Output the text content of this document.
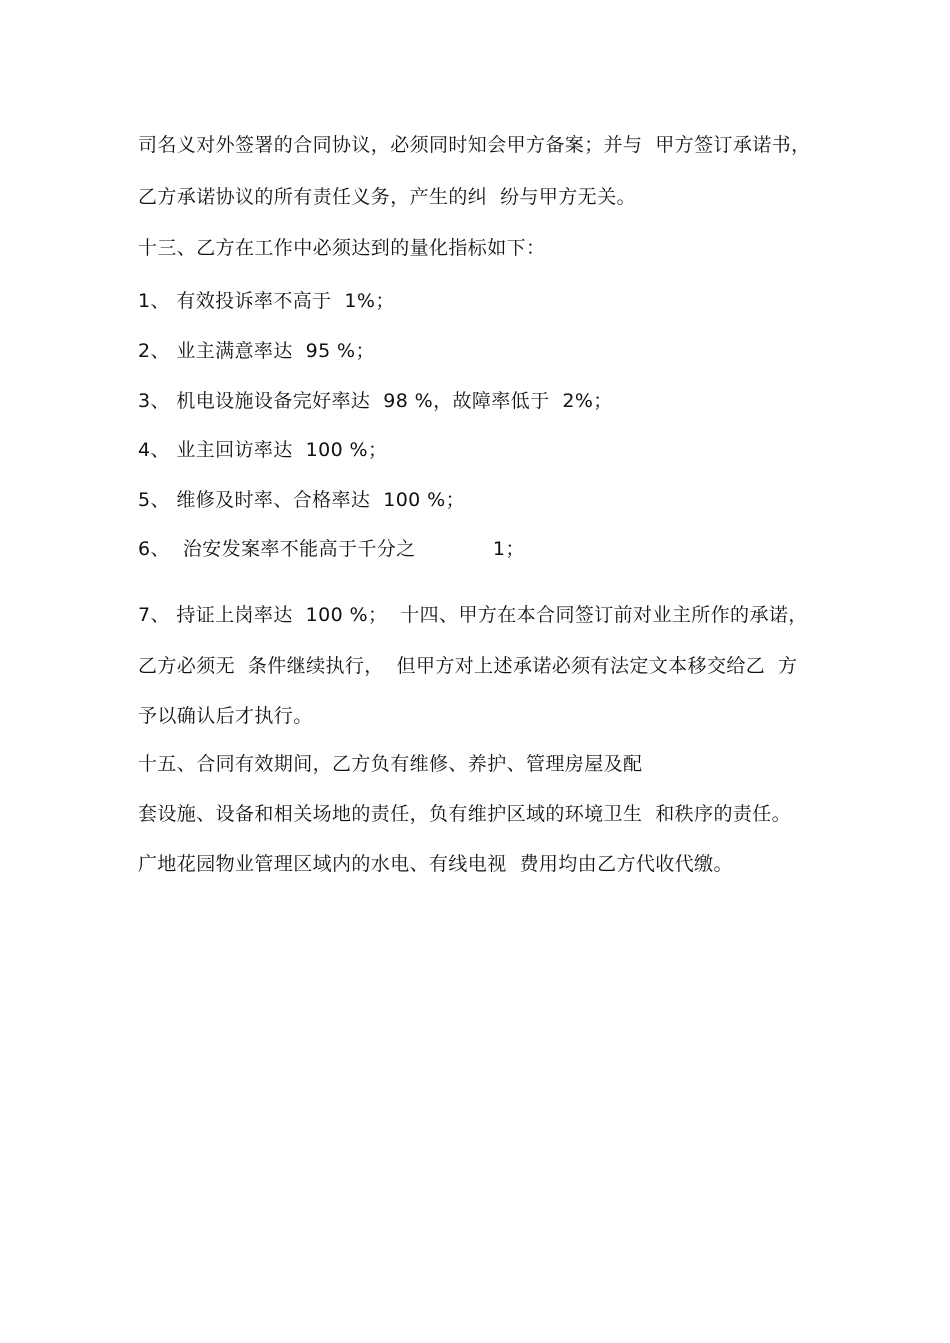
司名义对外签署的合同协议，必须同时知会甲方备案；并与  甲方签订承诺书，
乙方承诺协议的所有责任义务，产生的纠  纷与甲方无关。
十三、乙方在工作中必须达到的量化指标如下：
1、 有效投诉率不高于  1%；
2、 业主满意率达  95 %；
3、 机电设施设备完好率达  98 %，故障率低于  2%；
4、 业主回访率达  100 %；
5、 维修及时率、合格率达  100 %；
6、  治安发案率不能高于千分之            1；
7、 持证上岗率达  100 %；  十四、甲方在本合同签订前对业主所作的承诺，
乙方必须无  条件继续执行，  但甲方对上述承诺必须有法定文本移交给乙  方
予以确认后才执行。
十五、合同有效期间，乙方负有维修、养护、管理房屋及配
套设施、设备和相关场地的责任，负有维护区域的环境卫生  和秩序的责任。
广地花园物业管理区域内的水电、有线电视  费用均由乙方代收代缴。
